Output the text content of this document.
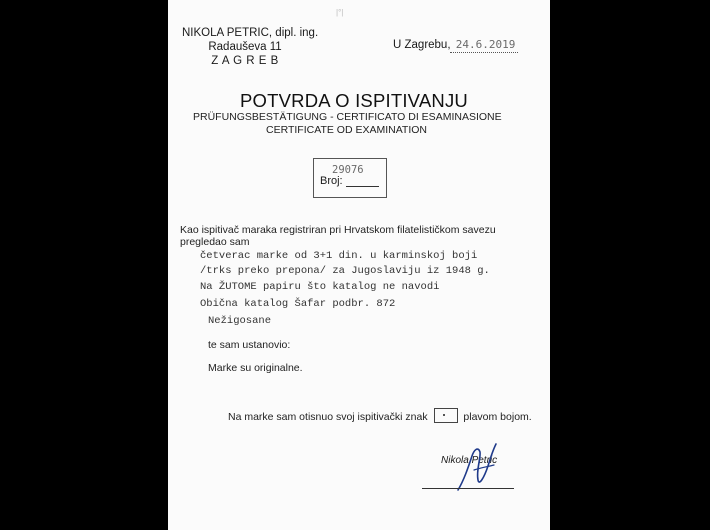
|°|
NIKOLA PETRIC, dipl. ing.
Radauševa 11
Z A G R E B
U Zagrebu, 24.6.2019
POTVRDA O ISPITIVANJU
PRÜFUNGSBESTÄTIGUNG - CERTIFICATO DI ESAMINASIONE
CERTIFICATE OD EXAMINATION
29076
Broj:
Kao ispitivač maraka registriran pri Hrvatskom filatelističkom savezu
pregledao sam
četverac marke od 3+1 din. u karminskoj boji
/trks preko prepona/ za Jugoslaviju iz 1948 g.
Na ŽUTOME papiru što katalog ne navodi
Obična katalog Šafar podbr. 872
Nežigosane
te sam ustanovio:
Marke su originalne.
Na marke sam otisnuo svoj ispitivački znak	plavom bojom.
Nikola Petric
